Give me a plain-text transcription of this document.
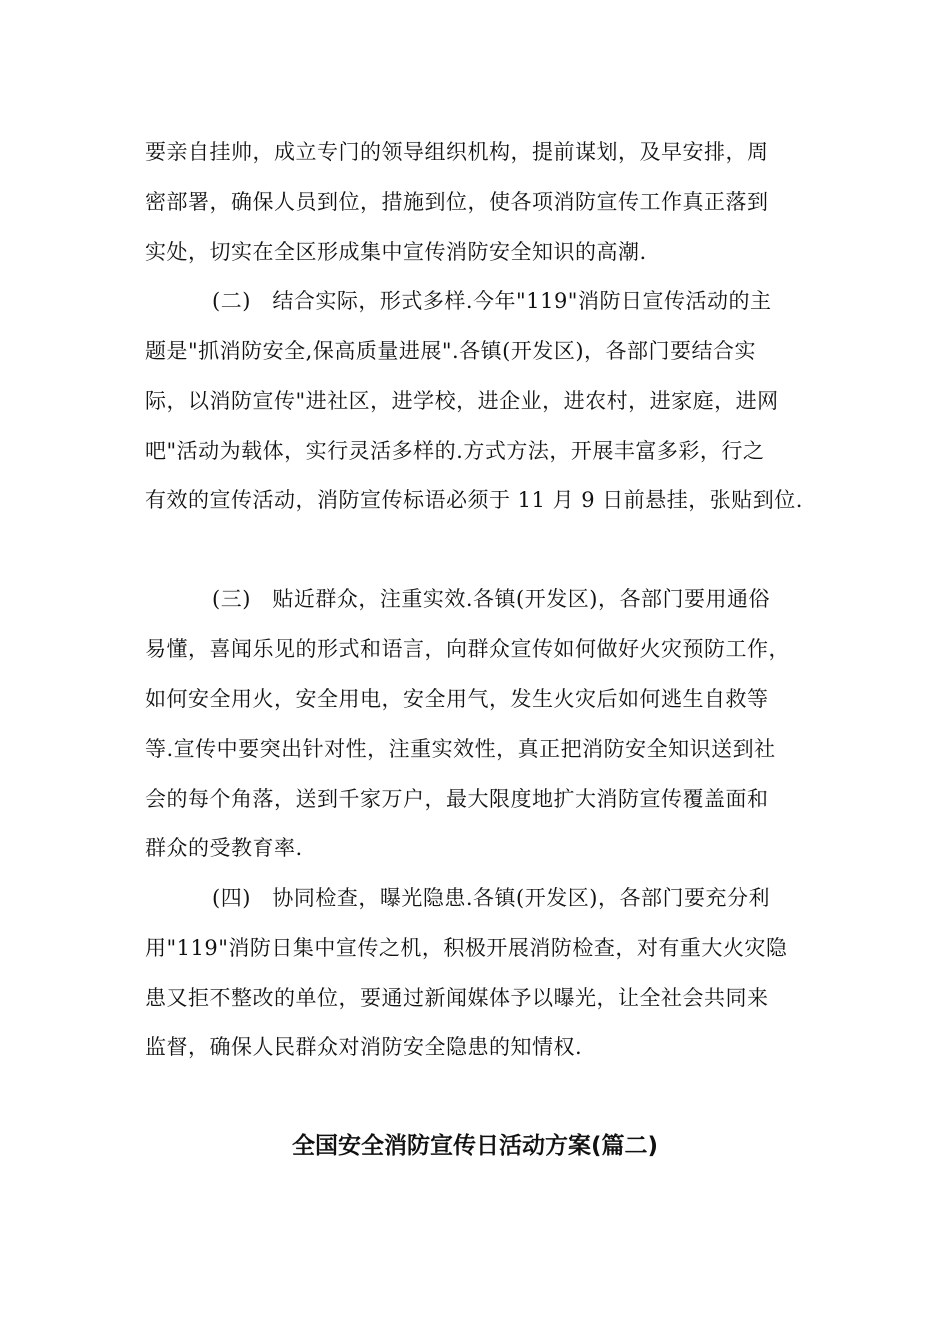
要亲自挂帅，成立专门的领导组织机构，提前谋划，及早安排，周
密部署，确保人员到位，措施到位，使各项消防宣传工作真正落到
实处，切实在全区形成集中宣传消防安全知识的高潮.
(二)　结合实际，形式多样.今年"119"消防日宣传活动的主
题是"抓消防安全,保高质量进展".各镇(开发区)，各部门要结合实
际，以消防宣传"进社区，进学校，进企业，进农村，进家庭，进网
吧"活动为载体，实行灵活多样的.方式方法，开展丰富多彩，行之
有效的宣传活动，消防宣传标语必须于 11 月 9 日前悬挂，张贴到位.
(三)　贴近群众，注重实效.各镇(开发区)，各部门要用通俗
易懂，喜闻乐见的形式和语言，向群众宣传如何做好火灾预防工作，
如何安全用火，安全用电，安全用气，发生火灾后如何逃生自救等
等.宣传中要突出针对性，注重实效性，真正把消防安全知识送到社
会的每个角落，送到千家万户，最大限度地扩大消防宣传覆盖面和
群众的受教育率.
(四)　协同检查，曝光隐患.各镇(开发区)，各部门要充分利
用"119"消防日集中宣传之机，积极开展消防检查，对有重大火灾隐
患又拒不整改的单位，要通过新闻媒体予以曝光，让全社会共同来
监督，确保人民群众对消防安全隐患的知情权.
全国安全消防宣传日活动方案(篇二)
